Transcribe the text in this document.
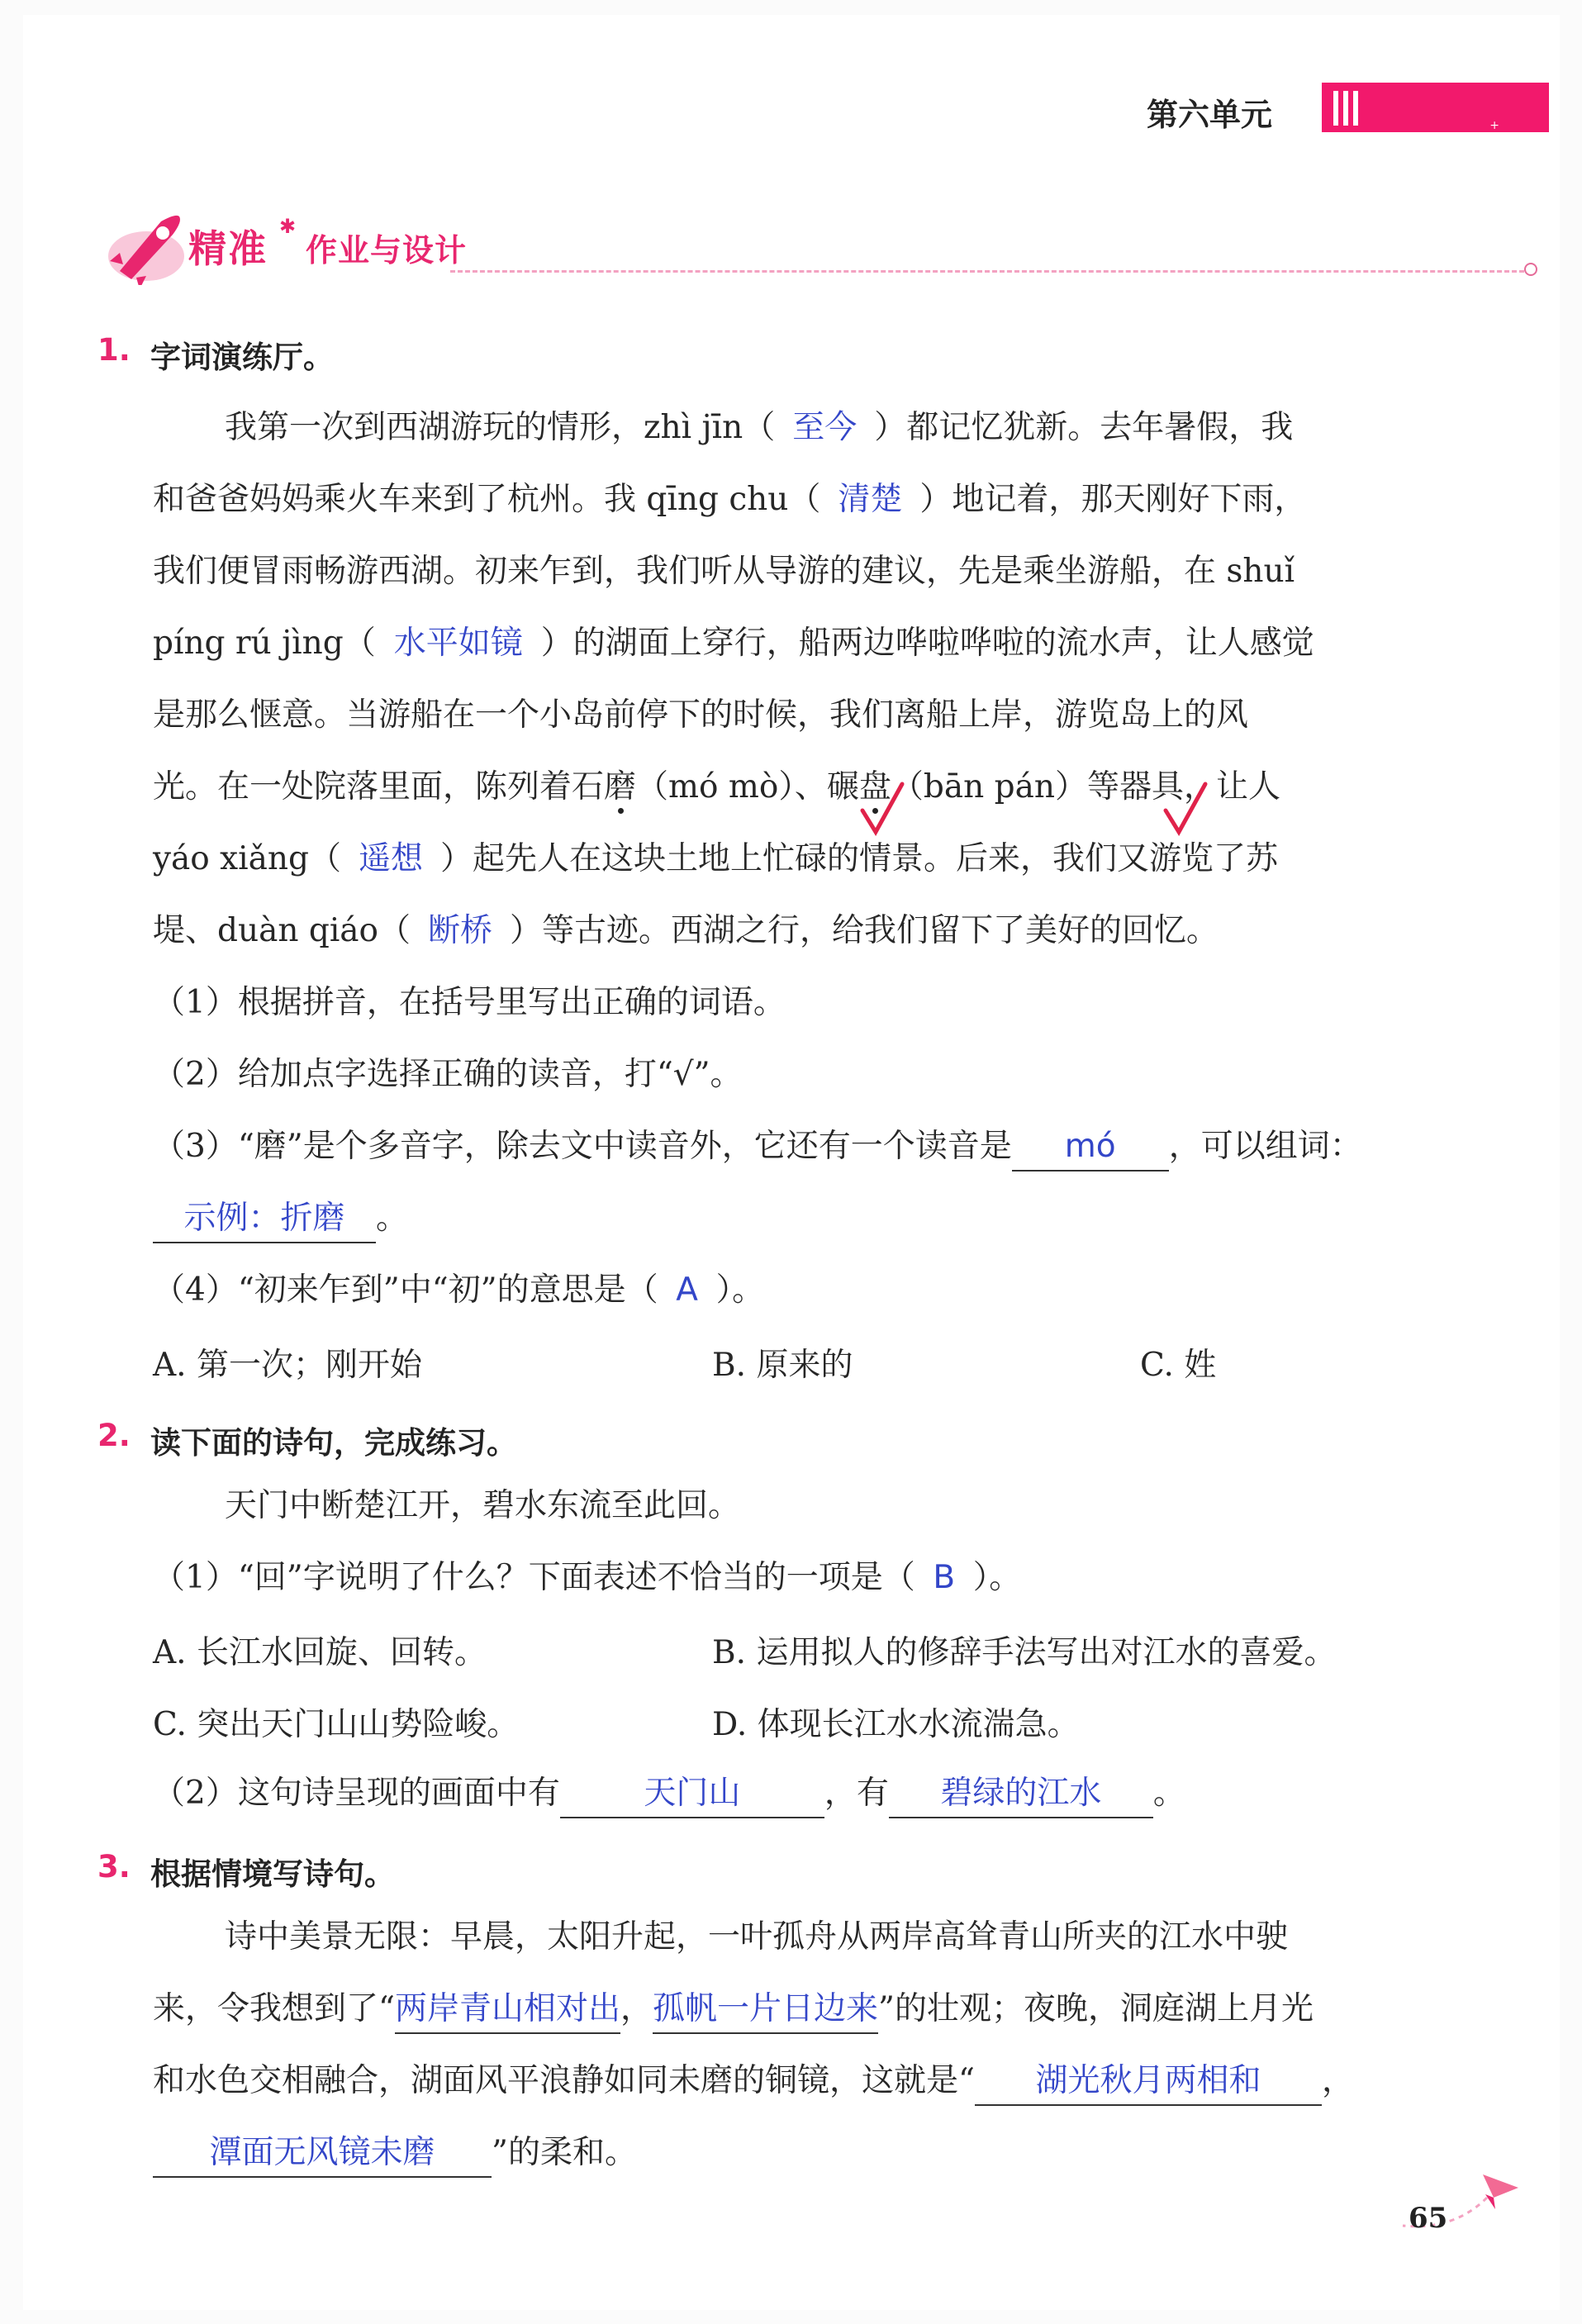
第六单元	+
精准 ✱
作业与设计
1. 字词演练厅。
我第一次到西湖游玩的情形，zhì jīn（ 至今 ）都记忆犹新。去年暑假，我
和爸爸妈妈乘火车来到了杭州。我 qīng chu（ 清楚 ）地记着，那天刚好下雨，
我们便冒雨畅游西湖。初来乍到，我们听从导游的建议，先是乘坐游船，在 shuǐ
píng rú jìng（ 水平如镜 ）的湖面上穿行，船两边哗啦哗啦的流水声，让人感觉
是那么惬意。当游船在一个小岛前停下的时候，我们离船上岸，游览岛上的风
光。在一处院落里面，陈列着石磨（mó mò）、碾盘（bān pán）等器具，让人
yáo xiǎng（ 遥想 ）起先人在这块土地上忙碌的情景。后来，我们又游览了苏
堤、duàn qiáo（ 断桥 ）等古迹。西湖之行，给我们留下了美好的回忆。
（1）根据拼音，在括号里写出正确的词语。
（2）给加点字选择正确的读音，打“√”。
（3）“磨”是个多音字，除去文中读音外，它还有一个读音是 mó ，可以组词：
示例：折磨 。
（4）“初来乍到”中“初”的意思是（ A ）。
A. 第一次；刚开始	B. 原来的	C. 姓
2. 读下面的诗句，完成练习。
天门中断楚江开，碧水东流至此回。
（1）“回”字说明了什么？下面表述不恰当的一项是（ B ）。
A. 长江水回旋、回转。	B. 运用拟人的修辞手法写出对江水的喜爱。
C. 突出天门山山势险峻。	D. 体现长江水水流湍急。
（2）这句诗呈现的画面中有	天门山	，有 碧绿的江水 。
3. 根据情境写诗句。
诗中美景无限：早晨，太阳升起，一叶孤舟从两岸高耸青山所夹的江水中驶
来，令我想到了“两岸青山相对出，孤帆一片日边来”的壮观；夜晚，洞庭湖上月光
和水色交相融合，湖面风平浪静如同未磨的铜镜，这就是“ 湖光秋月两相和 ，
潭面无风镜未磨 ”的柔和。
65
